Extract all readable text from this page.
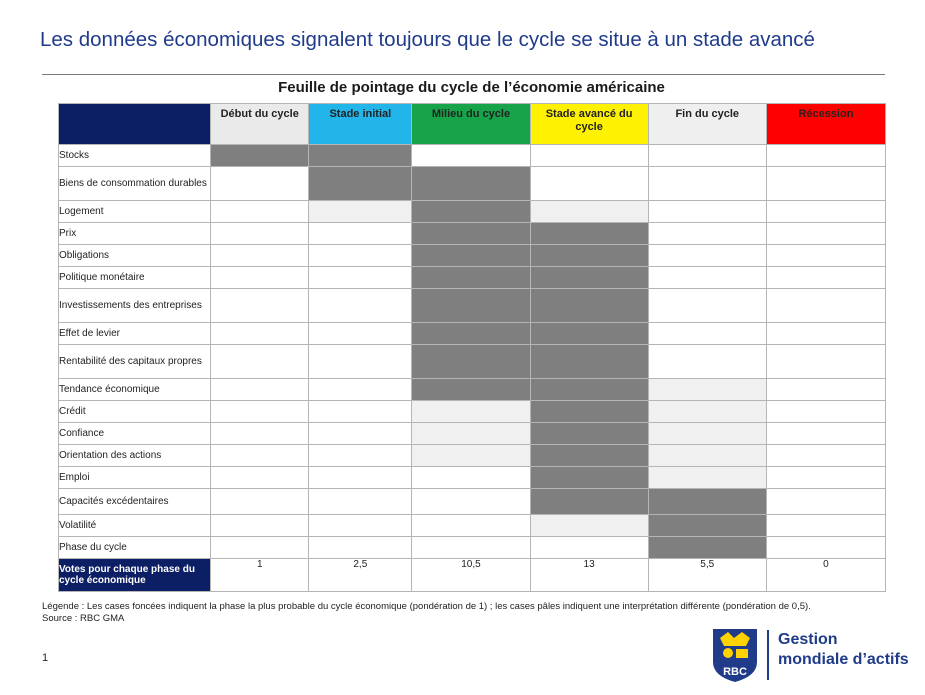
Les données économiques signalent toujours que le cycle se situe à un stade avancé
Feuille de pointage du cycle de l’économie américaine
	Début du cycle	Stade initial	Milieu du cycle	Stade avancé du cycle	Fin du cycle	Récession
Stocks						
Biens de consommation durables						
Logement						
Prix						
Obligations						
Politique monétaire						
Investissements des entreprises						
Effet de levier						
Rentabilité des capitaux propres						
Tendance économique						
Crédit						
Confiance						
Orientation des actions						
Emploi						
Capacités excédentaires						
Volatilité						
Phase du cycle						
Votes pour chaque phase du cycle économique	1	2,5	10,5	13	5,5	0
Légende : Les cases foncées indiquent la phase la plus probable du cycle économique (pondération de 1) ; les cases pâles indiquent une interprétation différente (pondération de 0,5).
Source : RBC GMA
1
RBC
Gestion
mondiale d’actifs
